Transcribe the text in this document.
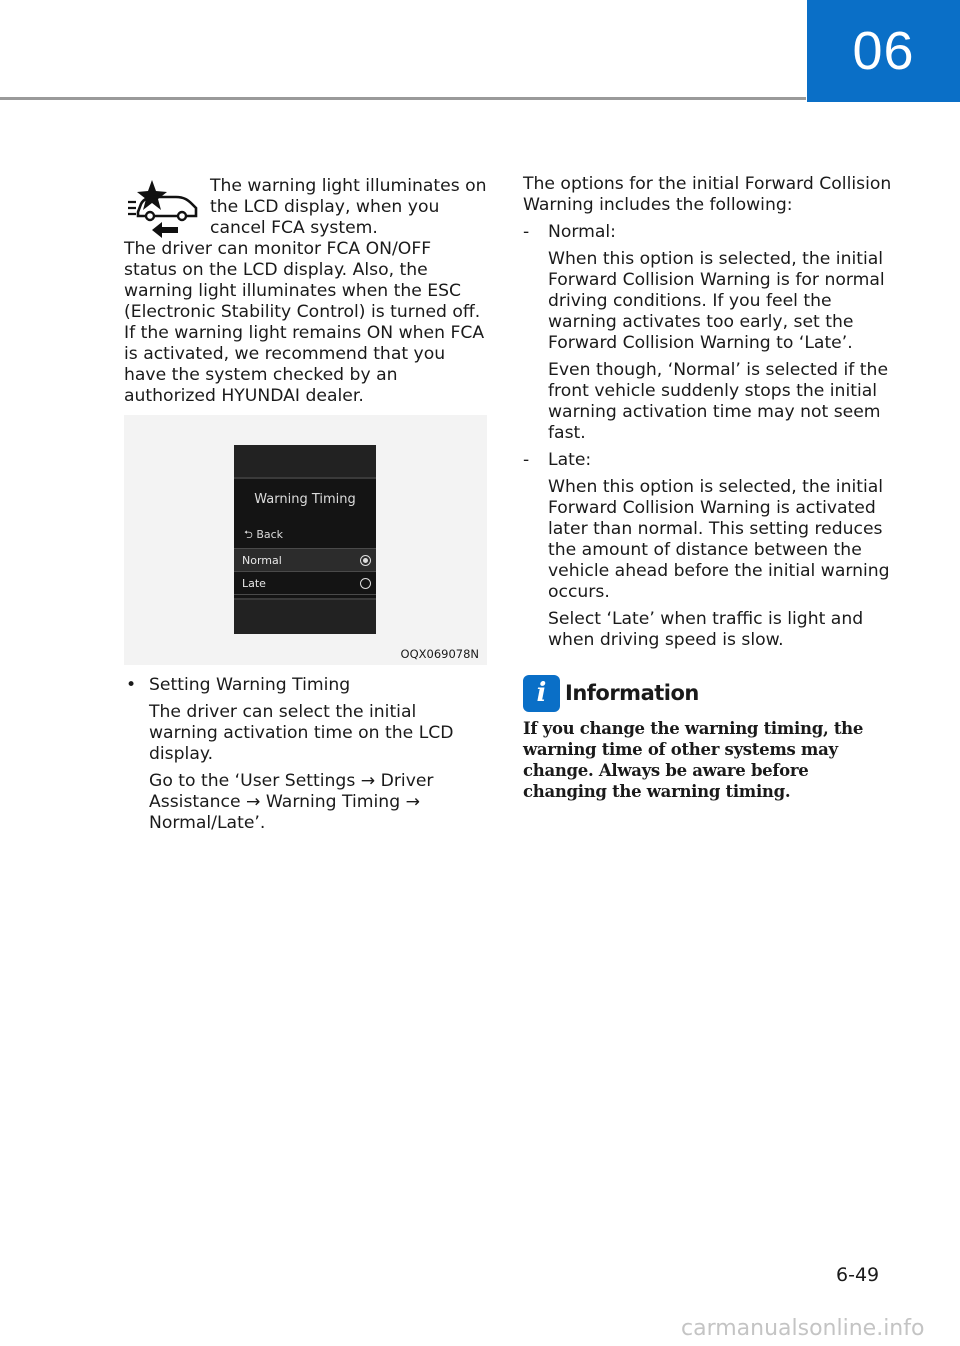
06

The warning light illuminates on the LCD display, when you cancel FCA system.

The driver can monitor FCA ON/OFF status on the LCD display. Also, the warning light illuminates when the ESC (Electronic Stability Control) is turned off. If the warning light remains ON when FCA is activated, we recommend that you have the system checked by an authorized HYUNDAI dealer.

Warning Timing
⮌ Back
Normal
Late
OQX069078N
• Setting Warning Timing

The driver can select the initial warning activation time on the LCD display.

Go to the ‘User Settings → Driver Assistance → Warning Timing → Normal/Late’.

The options for the initial Forward Collision Warning includes the following:

- Normal:

When this option is selected, the initial Forward Collision Warning is for normal driving conditions. If you feel the warning activates too early, set the Forward Collision Warning to ‘Late’.

Even though, ‘Normal’ is selected if the front vehicle suddenly stops the initial warning activation time may not seem fast.

- Late:

When this option is selected, the initial Forward Collision Warning is activated later than normal. This setting reduces the amount of distance between the vehicle ahead before the initial warning occurs.

Select ‘Late’ when traffic is light and when driving speed is slow.

i Information

If you change the warning timing, the warning time of other systems may change. Always be aware before changing the warning timing.

6-49
carmanualsonline.info
